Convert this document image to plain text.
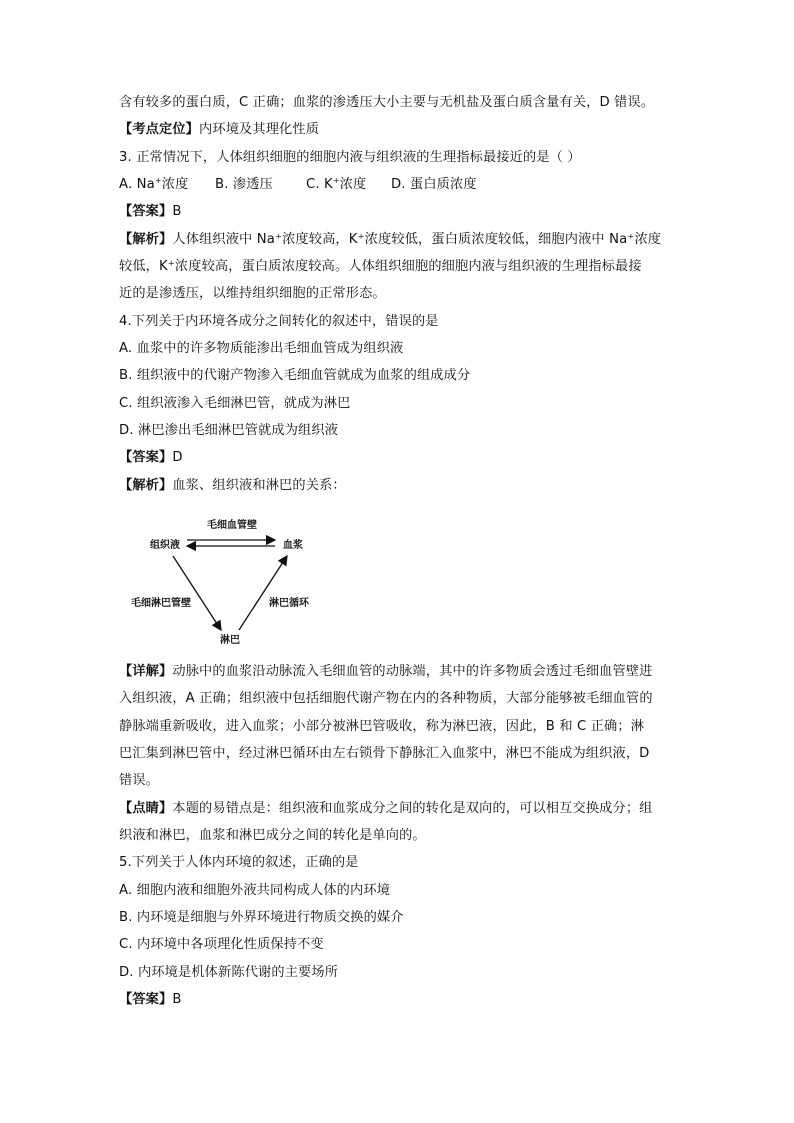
含有较多的蛋白质，C 正确；血浆的渗透压大小主要与无机盐及蛋白质含量有关，D 错误。
【考点定位】内环境及其理化性质
3. 正常情况下，人体组织细胞的细胞内液与组织液的生理指标最接近的是（ ）
A. Na+浓度 B. 渗透压	C. K+浓度 D. 蛋白质浓度
【答案】B
【解析】人体组织液中 Na⁺浓度较高，K⁺浓度较低，蛋白质浓度较低，细胞内液中 Na⁺浓度
较低，K⁺浓度较高，蛋白质浓度较高。人体组织细胞的细胞内液与组织液的生理指标最接
近的是渗透压，以维持组织细胞的正常形态。
4.下列关于内环境各成分之间转化的叙述中，错误的是
A. 血浆中的许多物质能渗出毛细血管成为组织液
B. 组织液中的代谢产物渗入毛细血管就成为血浆的组成成分
C. 组织液渗入毛细淋巴管，就成为淋巴
D. 淋巴渗出毛细淋巴管就成为组织液
【答案】D
【解析】血浆、组织液和淋巴的关系：
组织液	血浆
淋巴
毛细血管壁
毛细淋巴管壁	淋巴循环
【详解】动脉中的血浆沿动脉流入毛细血管的动脉端，其中的许多物质会透过毛细血管壁进
入组织液，A 正确；组织液中包括细胞代谢产物在内的各种物质，大部分能够被毛细血管的
静脉端重新吸收，进入血浆；小部分被淋巴管吸收，称为淋巴液，因此，B 和 C 正确；淋
巴汇集到淋巴管中，经过淋巴循环由左右锁骨下静脉汇入血浆中，淋巴不能成为组织液，D
错误。
【点睛】本题的易错点是：组织液和血浆成分之间的转化是双向的，可以相互交换成分；组
织液和淋巴，血浆和淋巴成分之间的转化是单向的。
5.下列关于人体内环境的叙述，正确的是
A. 细胞内液和细胞外液共同构成人体的内环境
B. 内环境是细胞与外界环境进行物质交换的媒介
C. 内环境中各项理化性质保持不变
D. 内环境是机体新陈代谢的主要场所
【答案】B
